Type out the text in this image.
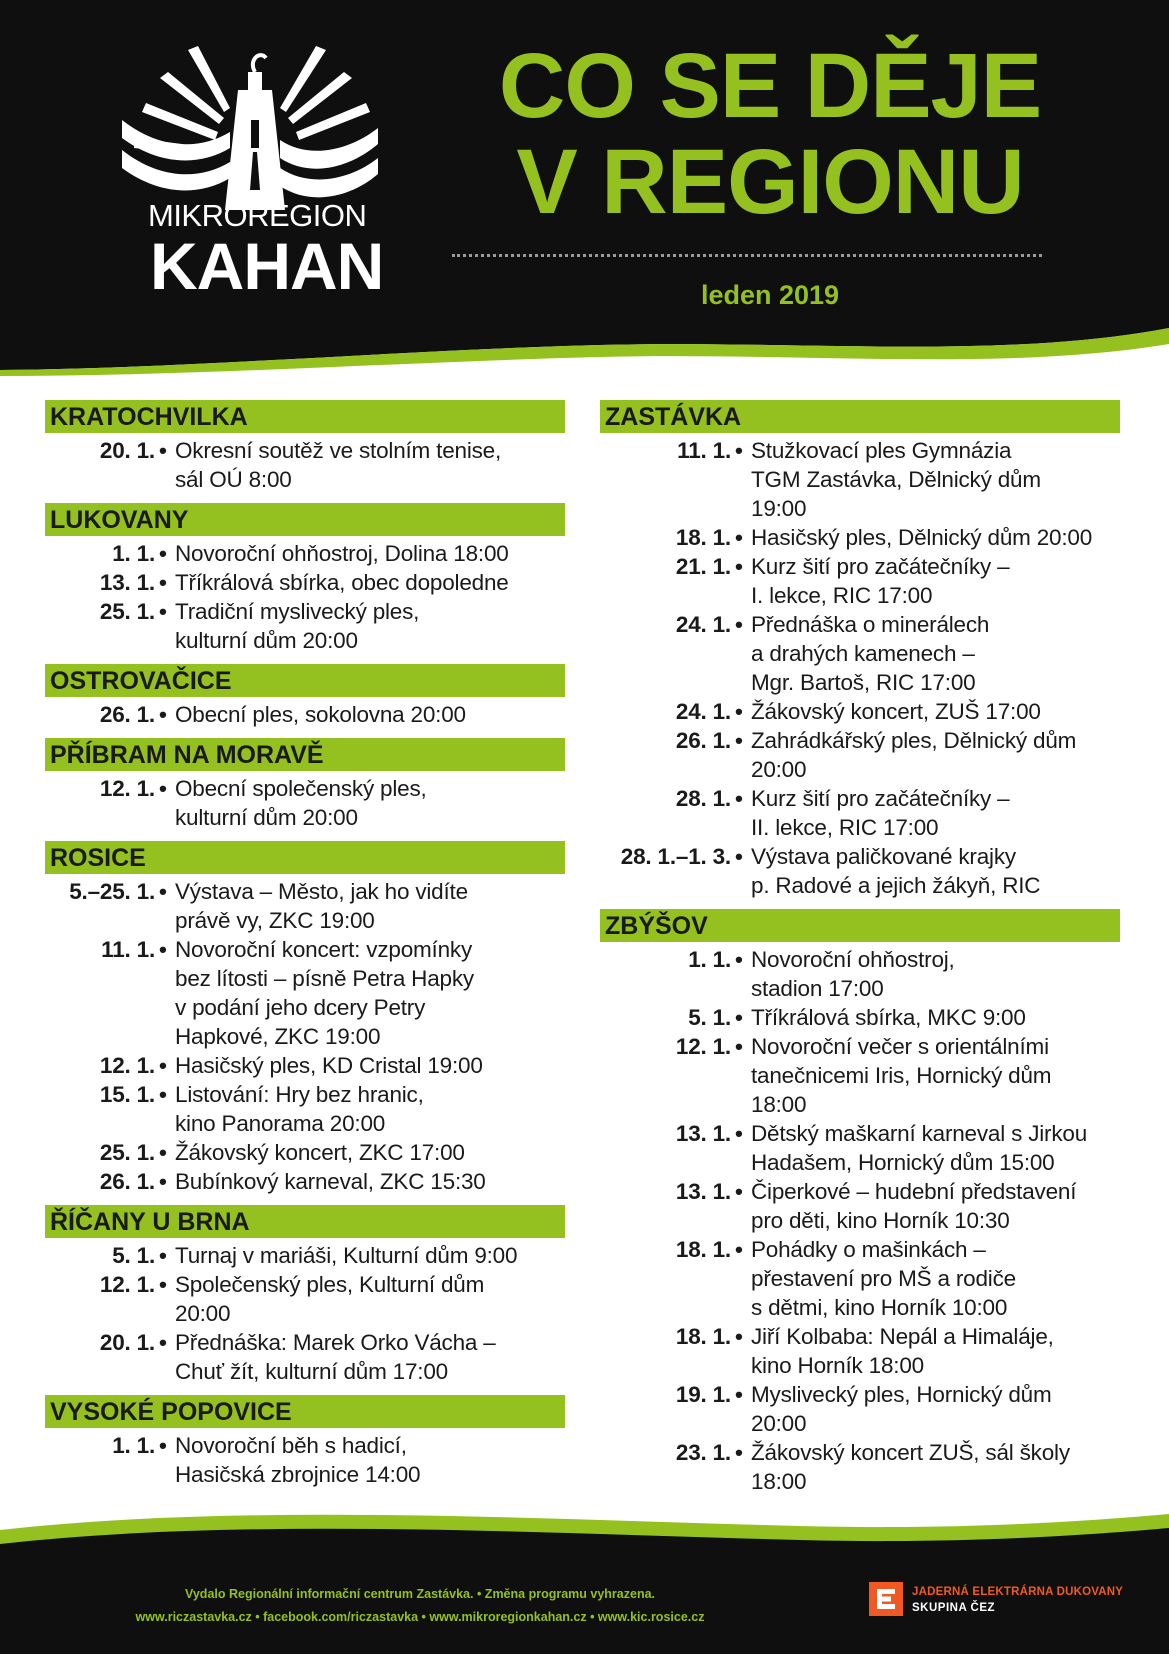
MIKROREGION
KAHAN
CO SE DĚJE
V REGIONU
leden 2019
KRATOCHVILKA
20. 1. • Okresní soutěž ve stolním tenise,
sál OÚ 8:00
LUKOVANY
1. 1. • Novoroční ohňostroj, Dolina 18:00
13. 1. • Tříkrálová sbírka, obec dopoledne
25. 1. • Tradiční myslivecký ples,
kulturní dům 20:00
OSTROVAČICE
26. 1. • Obecní ples, sokolovna 20:00
PŘÍBRAM NA MORAVĚ
12. 1. • Obecní společenský ples,
kulturní dům 20:00
ROSICE
5.–25. 1. • Výstava – Město, jak ho vidíte
právě vy, ZKC 19:00
11. 1. • Novoroční koncert: vzpomínky
bez lítosti – písně Petra Hapky
v podání jeho dcery Petry
Hapkové, ZKC 19:00
12. 1. • Hasičský ples, KD Cristal 19:00
15. 1. • Listování: Hry bez hranic,
kino Panorama 20:00
25. 1. • Žákovský koncert, ZKC 17:00
26. 1. • Bubínkový karneval, ZKC 15:30
ŘÍČANY U BRNA
5. 1. • Turnaj v mariáši, Kulturní dům 9:00
12. 1. • Společenský ples, Kulturní dům
20:00
20. 1. • Přednáška: Marek Orko Vácha –
Chuť žít, kulturní dům 17:00
VYSOKÉ POPOVICE
1. 1. • Novoroční běh s hadicí,
Hasičská zbrojnice 14:00
ZASTÁVKA
11. 1. • Stužkovací ples Gymnázia
TGM Zastávka, Dělnický dům
19:00
18. 1. • Hasičský ples, Dělnický dům 20:00
21. 1. • Kurz šití pro začátečníky –
I. lekce, RIC 17:00
24. 1. • Přednáška o minerálech
a drahých kamenech –
Mgr. Bartoš, RIC 17:00
24. 1. • Žákovský koncert, ZUŠ 17:00
26. 1. • Zahrádkářský ples, Dělnický dům
20:00
28. 1. • Kurz šití pro začátečníky –
II. lekce, RIC 17:00
28. 1.–1. 3. • Výstava paličkované krajky
p. Radové a jejich žákyň, RIC
ZBÝŠOV
1. 1. • Novoroční ohňostroj,
stadion 17:00
5. 1. • Tříkrálová sbírka, MKC 9:00
12. 1. • Novoroční večer s orientálními
tanečnicemi Iris, Hornický dům
18:00
13. 1. • Dětský maškarní karneval s Jirkou
Hadašem, Hornický dům 15:00
13. 1. • Čiperkové – hudební představení
pro děti, kino Horník 10:30
18. 1. • Pohádky o mašinkách –
přestavení pro MŠ a rodiče
s dětmi, kino Horník 10:00
18. 1. • Jiří Kolbaba: Nepál a Himaláje,
kino Horník 18:00
19. 1. • Myslivecký ples, Hornický dům
20:00
23. 1. • Žákovský koncert ZUŠ, sál školy
18:00
Vydalo Regionální informační centrum Zastávka. • Změna programu vyhrazena.
www.riczastavka.cz • facebook.com/riczastavka • www.mikroregionkahan.cz • www.kic.rosice.cz
JADERNÁ ELEKTRÁRNA DUKOVANY
SKUPINA ČEZ
